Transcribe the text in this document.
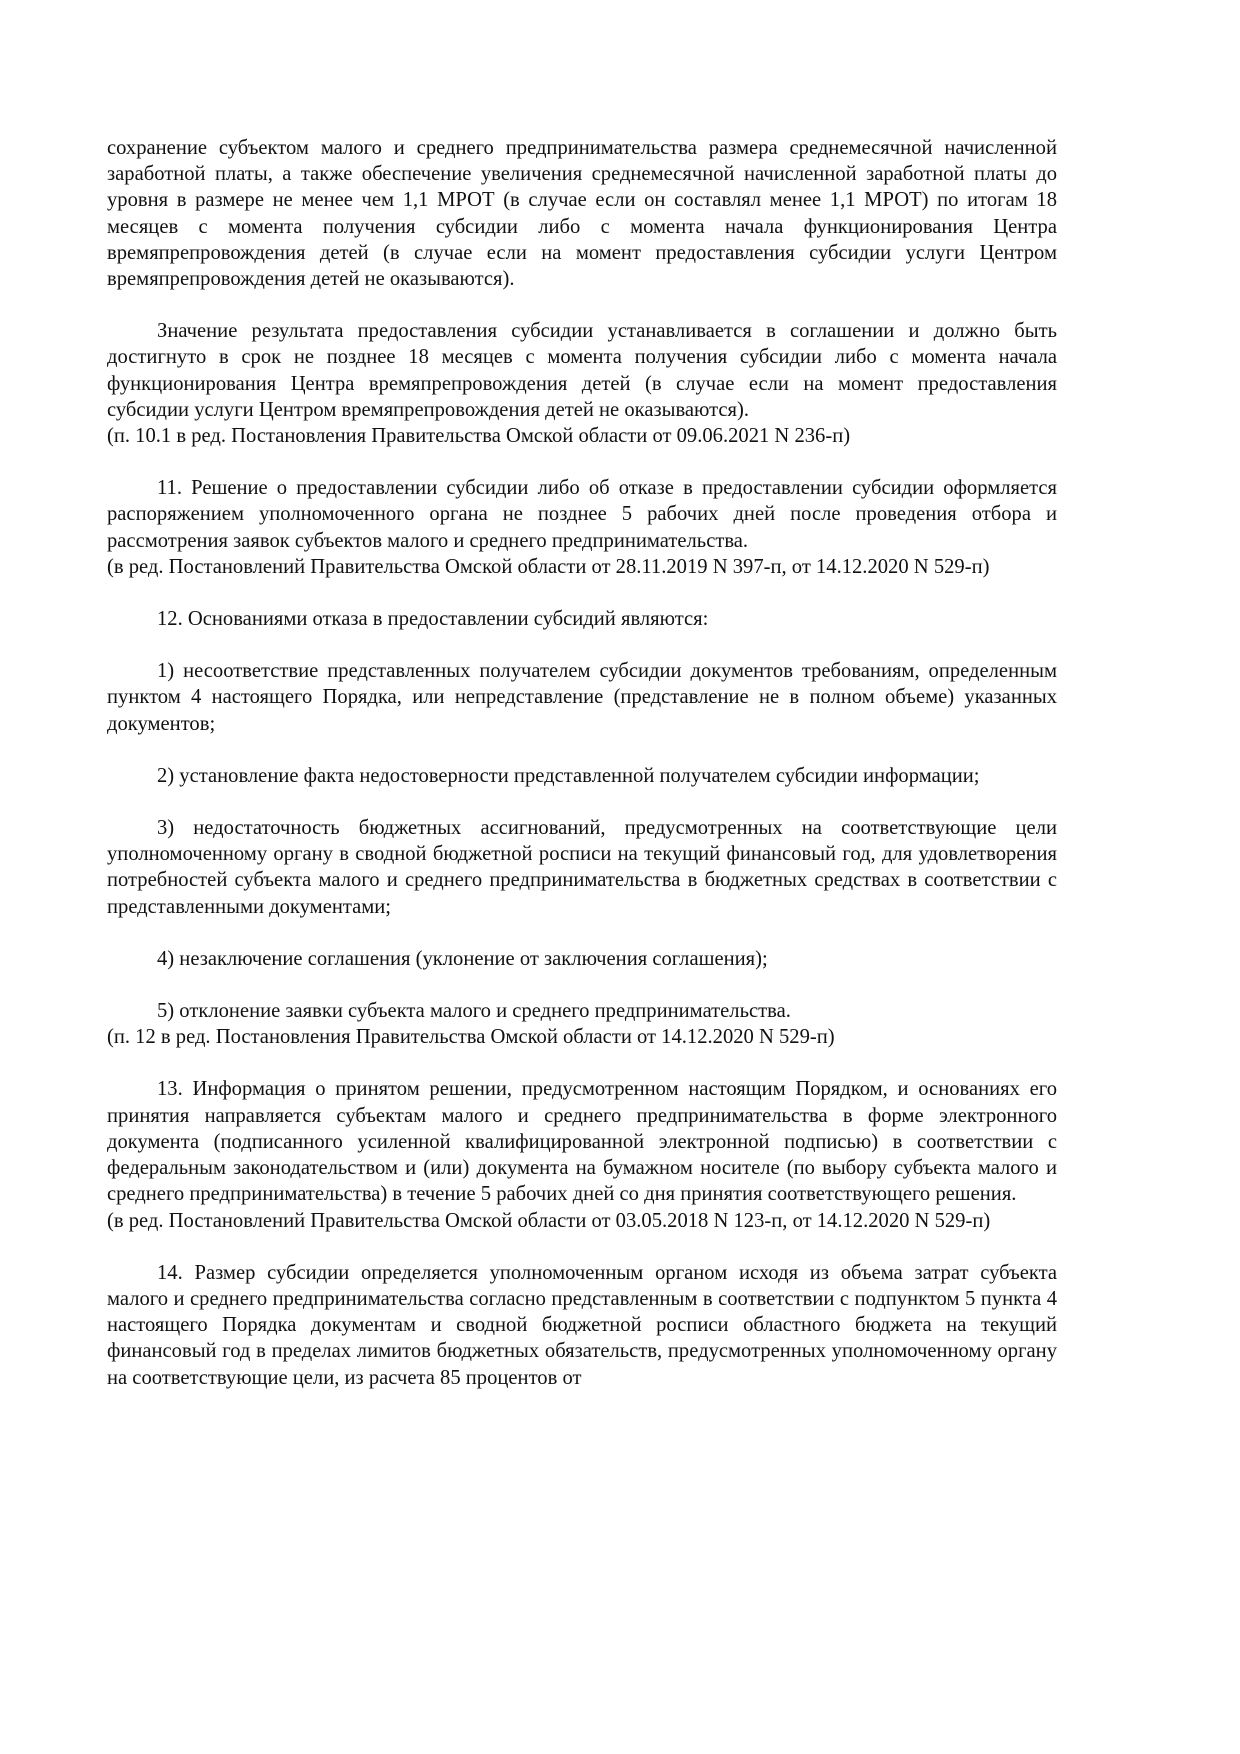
сохранение субъектом малого и среднего предпринимательства размера среднемесячной начисленной заработной платы, а также обеспечение увеличения среднемесячной начисленной заработной платы до уровня в размере не менее чем 1,1 МРОТ (в случае если он составлял менее 1,1 МРОТ) по итогам 18 месяцев с момента получения субсидии либо с момента начала функционирования Центра времяпрепровождения детей (в случае если на момент предоставления субсидии услуги Центром времяпрепровождения детей не оказываются).

Значение результата предоставления субсидии устанавливается в соглашении и должно быть достигнуто в срок не позднее 18 месяцев с момента получения субсидии либо с момента начала функционирования Центра времяпрепровождения детей (в случае если на момент предоставления субсидии услуги Центром времяпрепровождения детей не оказываются).

(п. 10.1 в ред. Постановления Правительства Омской области от 09.06.2021 N 236-п)

11. Решение о предоставлении субсидии либо об отказе в предоставлении субсидии оформляется распоряжением уполномоченного органа не позднее 5 рабочих дней после проведения отбора и рассмотрения заявок субъектов малого и среднего предпринимательства.

(в ред. Постановлений Правительства Омской области от 28.11.2019 N 397-п, от 14.12.2020 N 529-п)

12. Основаниями отказа в предоставлении субсидий являются:

1) несоответствие представленных получателем субсидии документов требованиям, определенным пунктом 4 настоящего Порядка, или непредставление (представление не в полном объеме) указанных документов;

2) установление факта недостоверности представленной получателем субсидии информации;

3) недостаточность бюджетных ассигнований, предусмотренных на соответствующие цели уполномоченному органу в сводной бюджетной росписи на текущий финансовый год, для удовлетворения потребностей субъекта малого и среднего предпринимательства в бюджетных средствах в соответствии с представленными документами;

4) незаключение соглашения (уклонение от заключения соглашения);

5) отклонение заявки субъекта малого и среднего предпринимательства.

(п. 12 в ред. Постановления Правительства Омской области от 14.12.2020 N 529-п)

13. Информация о принятом решении, предусмотренном настоящим Порядком, и основаниях его принятия направляется субъектам малого и среднего предпринимательства в форме электронного документа (подписанного усиленной квалифицированной электронной подписью) в соответствии с федеральным законодательством и (или) документа на бумажном носителе (по выбору субъекта малого и среднего предпринимательства) в течение 5 рабочих дней со дня принятия соответствующего решения.

(в ред. Постановлений Правительства Омской области от 03.05.2018 N 123-п, от 14.12.2020 N 529-п)

14. Размер субсидии определяется уполномоченным органом исходя из объема затрат субъекта малого и среднего предпринимательства согласно представленным в соответствии с подпунктом 5 пункта 4 настоящего Порядка документам и сводной бюджетной росписи областного бюджета на текущий финансовый год в пределах лимитов бюджетных обязательств, предусмотренных уполномоченному органу на соответствующие цели, из расчета 85 процентов от
